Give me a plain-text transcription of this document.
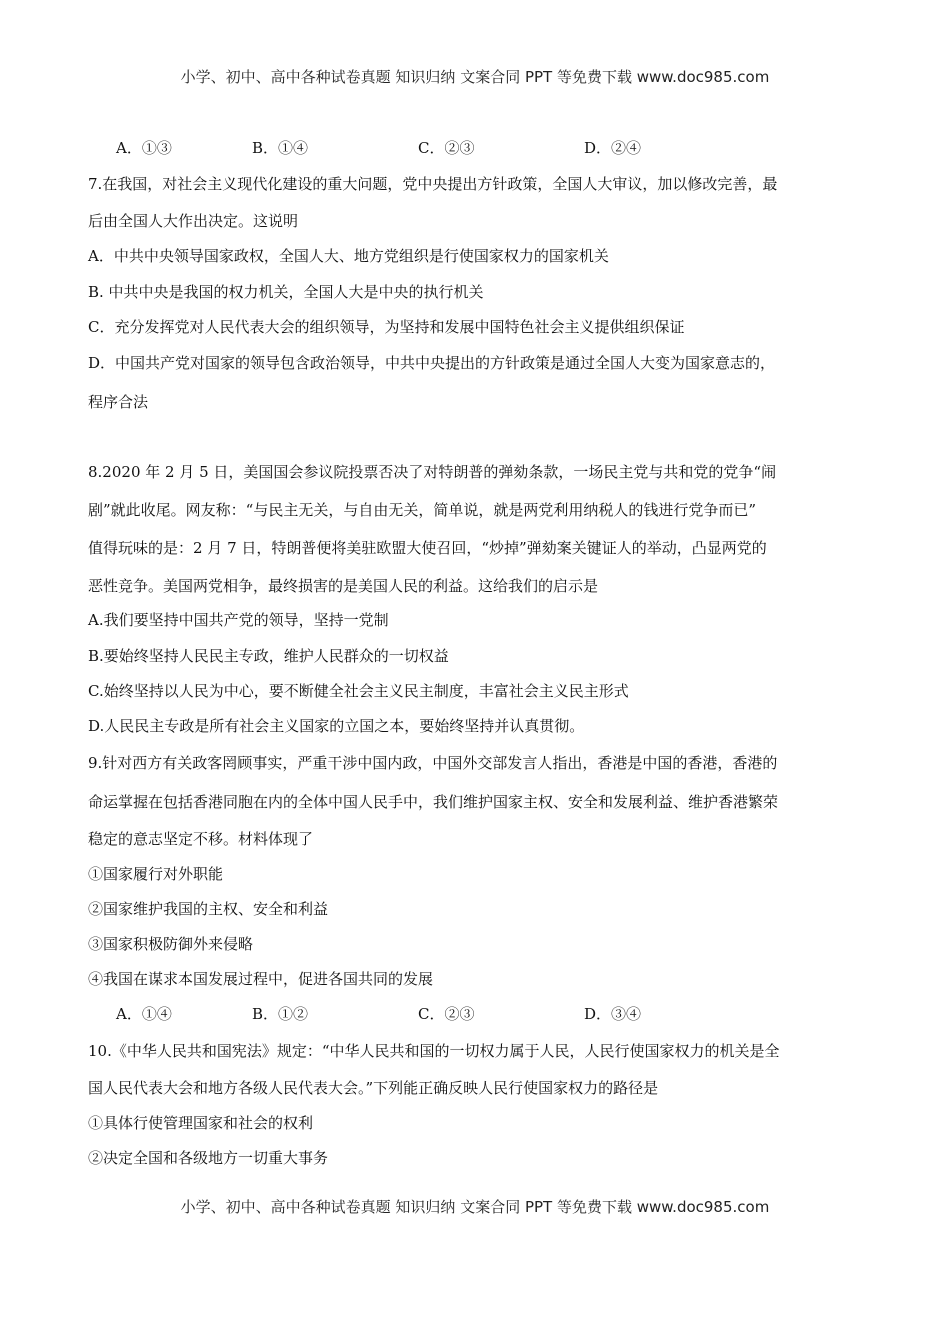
小学、初中、高中各种试卷真题 知识归纳 文案合同 PPT 等免费下载 www.doc985.com
A．①③	B．①④	C．②③	D．②④
7.在我国，对社会主义现代化建设的重大问题，党中央提出方针政策，全国人大审议，加以修改完善，最
后由全国人大作出决定。这说明
A．中共中央领导国家政权，全国人大、地方党组织是行使国家权力的国家机关
B. 中共中央是我国的权力机关，全国人大是中央的执行机关
C．充分发挥党对人民代表大会的组织领导，为坚持和发展中国特色社会主义提供组织保证
D．中国共产党对国家的领导包含政治领导，中共中央提出的方针政策是通过全国人大变为国家意志的，
程序合法
8.2020 年 2 月 5 日，美国国会参议院投票否决了对特朗普的弹劾条款，一场民主党与共和党的党争“闹
剧”就此收尾。网友称：“与民主无关，与自由无关，简单说，就是两党利用纳税人的钱进行党争而已”
值得玩味的是：2 月 7 日，特朗普便将美驻欧盟大使召回，“炒掉”弹劾案关键证人的举动，凸显两党的
恶性竞争。美国两党相争，最终损害的是美国人民的利益。这给我们的启示是
A.我们要坚持中国共产党的领导，坚持一党制
B.要始终坚持人民民主专政，维护人民群众的一切权益
C.始终坚持以人民为中心，要不断健全社会主义民主制度，丰富社会主义民主形式
D.人民民主专政是所有社会主义国家的立国之本，要始终坚持并认真贯彻。
9.针对西方有关政客罔顾事实，严重干涉中国内政，中国外交部发言人指出，香港是中国的香港，香港的
命运掌握在包括香港同胞在内的全体中国人民手中，我们维护国家主权、安全和发展利益、维护香港繁荣
稳定的意志坚定不移。材料体现了
①国家履行对外职能
②国家维护我国的主权、安全和利益
③国家积极防御外来侵略
④我国在谋求本国发展过程中，促进各国共同的发展
A．①④	B．①②	C．②③	D．③④
10.《中华人民共和国宪法》规定：“中华人民共和国的一切权力属于人民，人民行使国家权力的机关是全
国人民代表大会和地方各级人民代表大会。”下列能正确反映人民行使国家权力的路径是
①具体行使管理国家和社会的权利
②决定全国和各级地方一切重大事务
小学、初中、高中各种试卷真题 知识归纳 文案合同 PPT 等免费下载 www.doc985.com
